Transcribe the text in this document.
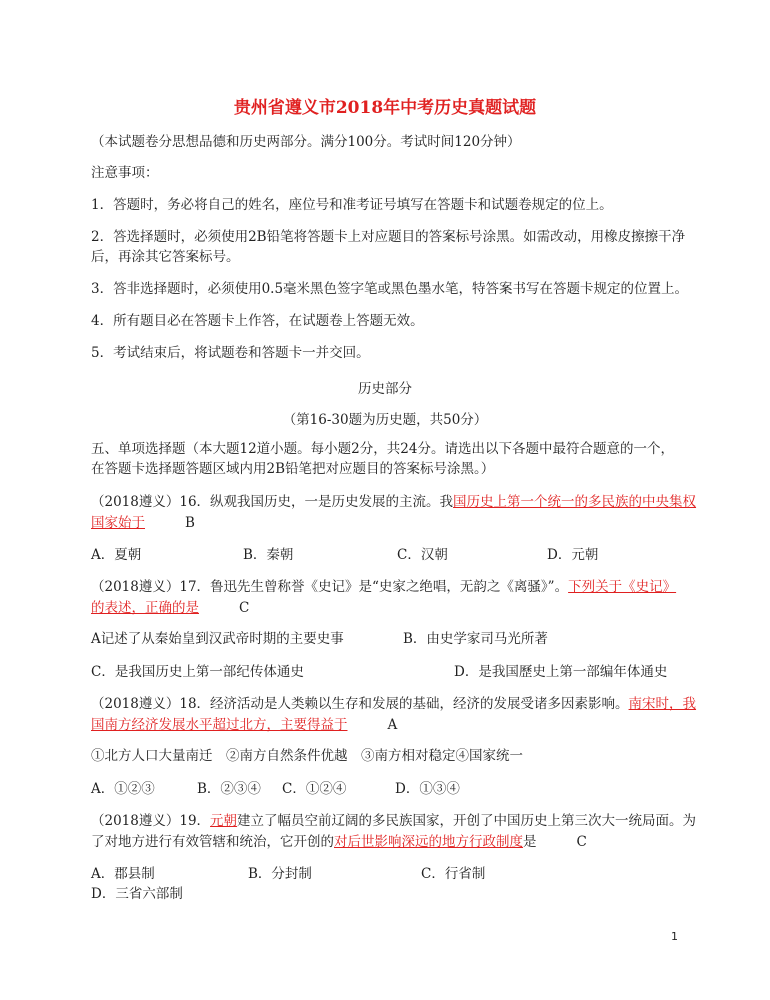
贵州省遵义市2018年中考历史真题试题
（本试题卷分思想品德和历史两部分。满分100分。考试时间120分钟）
注意事项：
1．答题时，务必将自己的姓名，座位号和准考证号填写在答题卡和试题卷规定的位上。
2．答选择题时，必须使用2B铅笔将答题卡上对应题目的答案标号涂黑。如需改动，用橡皮擦擦干净
后，再涂其它答案标号。
3．答非选择题时，必须使用0.5毫米黑色签字笔或黑色墨水笔，特答案书写在答题卡规定的位置上。
4．所有题目必在答题卡上作答，在试题卷上答题无效。
5．考试结束后，将试题卷和答题卡一并交回。
历史部分
（第16-30题为历史题，共50分）
五、单项选择题（本大题12道小题。每小题2分，共24分。请选出以下各题中最符合题意的一个，
在答题卡选择题答题区域内用2B铅笔把对应题目的答案标号涂黑。）
（2018遵义）16．纵观我国历史，一是历史发展的主流。我国历史上第一个统一的多民族的中央集权
国家始于	B
A．夏朝	B．秦朝	C．汉朝	D．元朝
（2018遵义）17．鲁迅先生曾称誉《史记》是“史家之绝唱，无韵之《离骚》”。下列关于《史记》
的表述，正确的是	C
A记述了从秦始皇到汉武帝时期的主要史事	B．由史学家司马光所著
C．是我国历史上第一部纪传体通史	D．是我国歷史上第一部编年体通史
（2018遵义）18．经济活动是人类赖以生存和发展的基础，经济的发展受诸多因素影响。南宋时，我
国南方经济发展水平超过北方，主要得益于	A
①北方人口大量南迁　②南方自然条件优越　③南方相对稳定④国家统一
A．①②③	B．②③④ C．①②④	D．①③④
（2018遵义）19．元朝建立了幅员空前辽阔的多民族国家，开创了中国历史上第三次大一统局面。为
了对地方进行有效管辖和统治，它开创的对后世影响深远的地方行政制度是	C
A．郡县制	B．分封制	C．行省制
D．三省六部制
1
